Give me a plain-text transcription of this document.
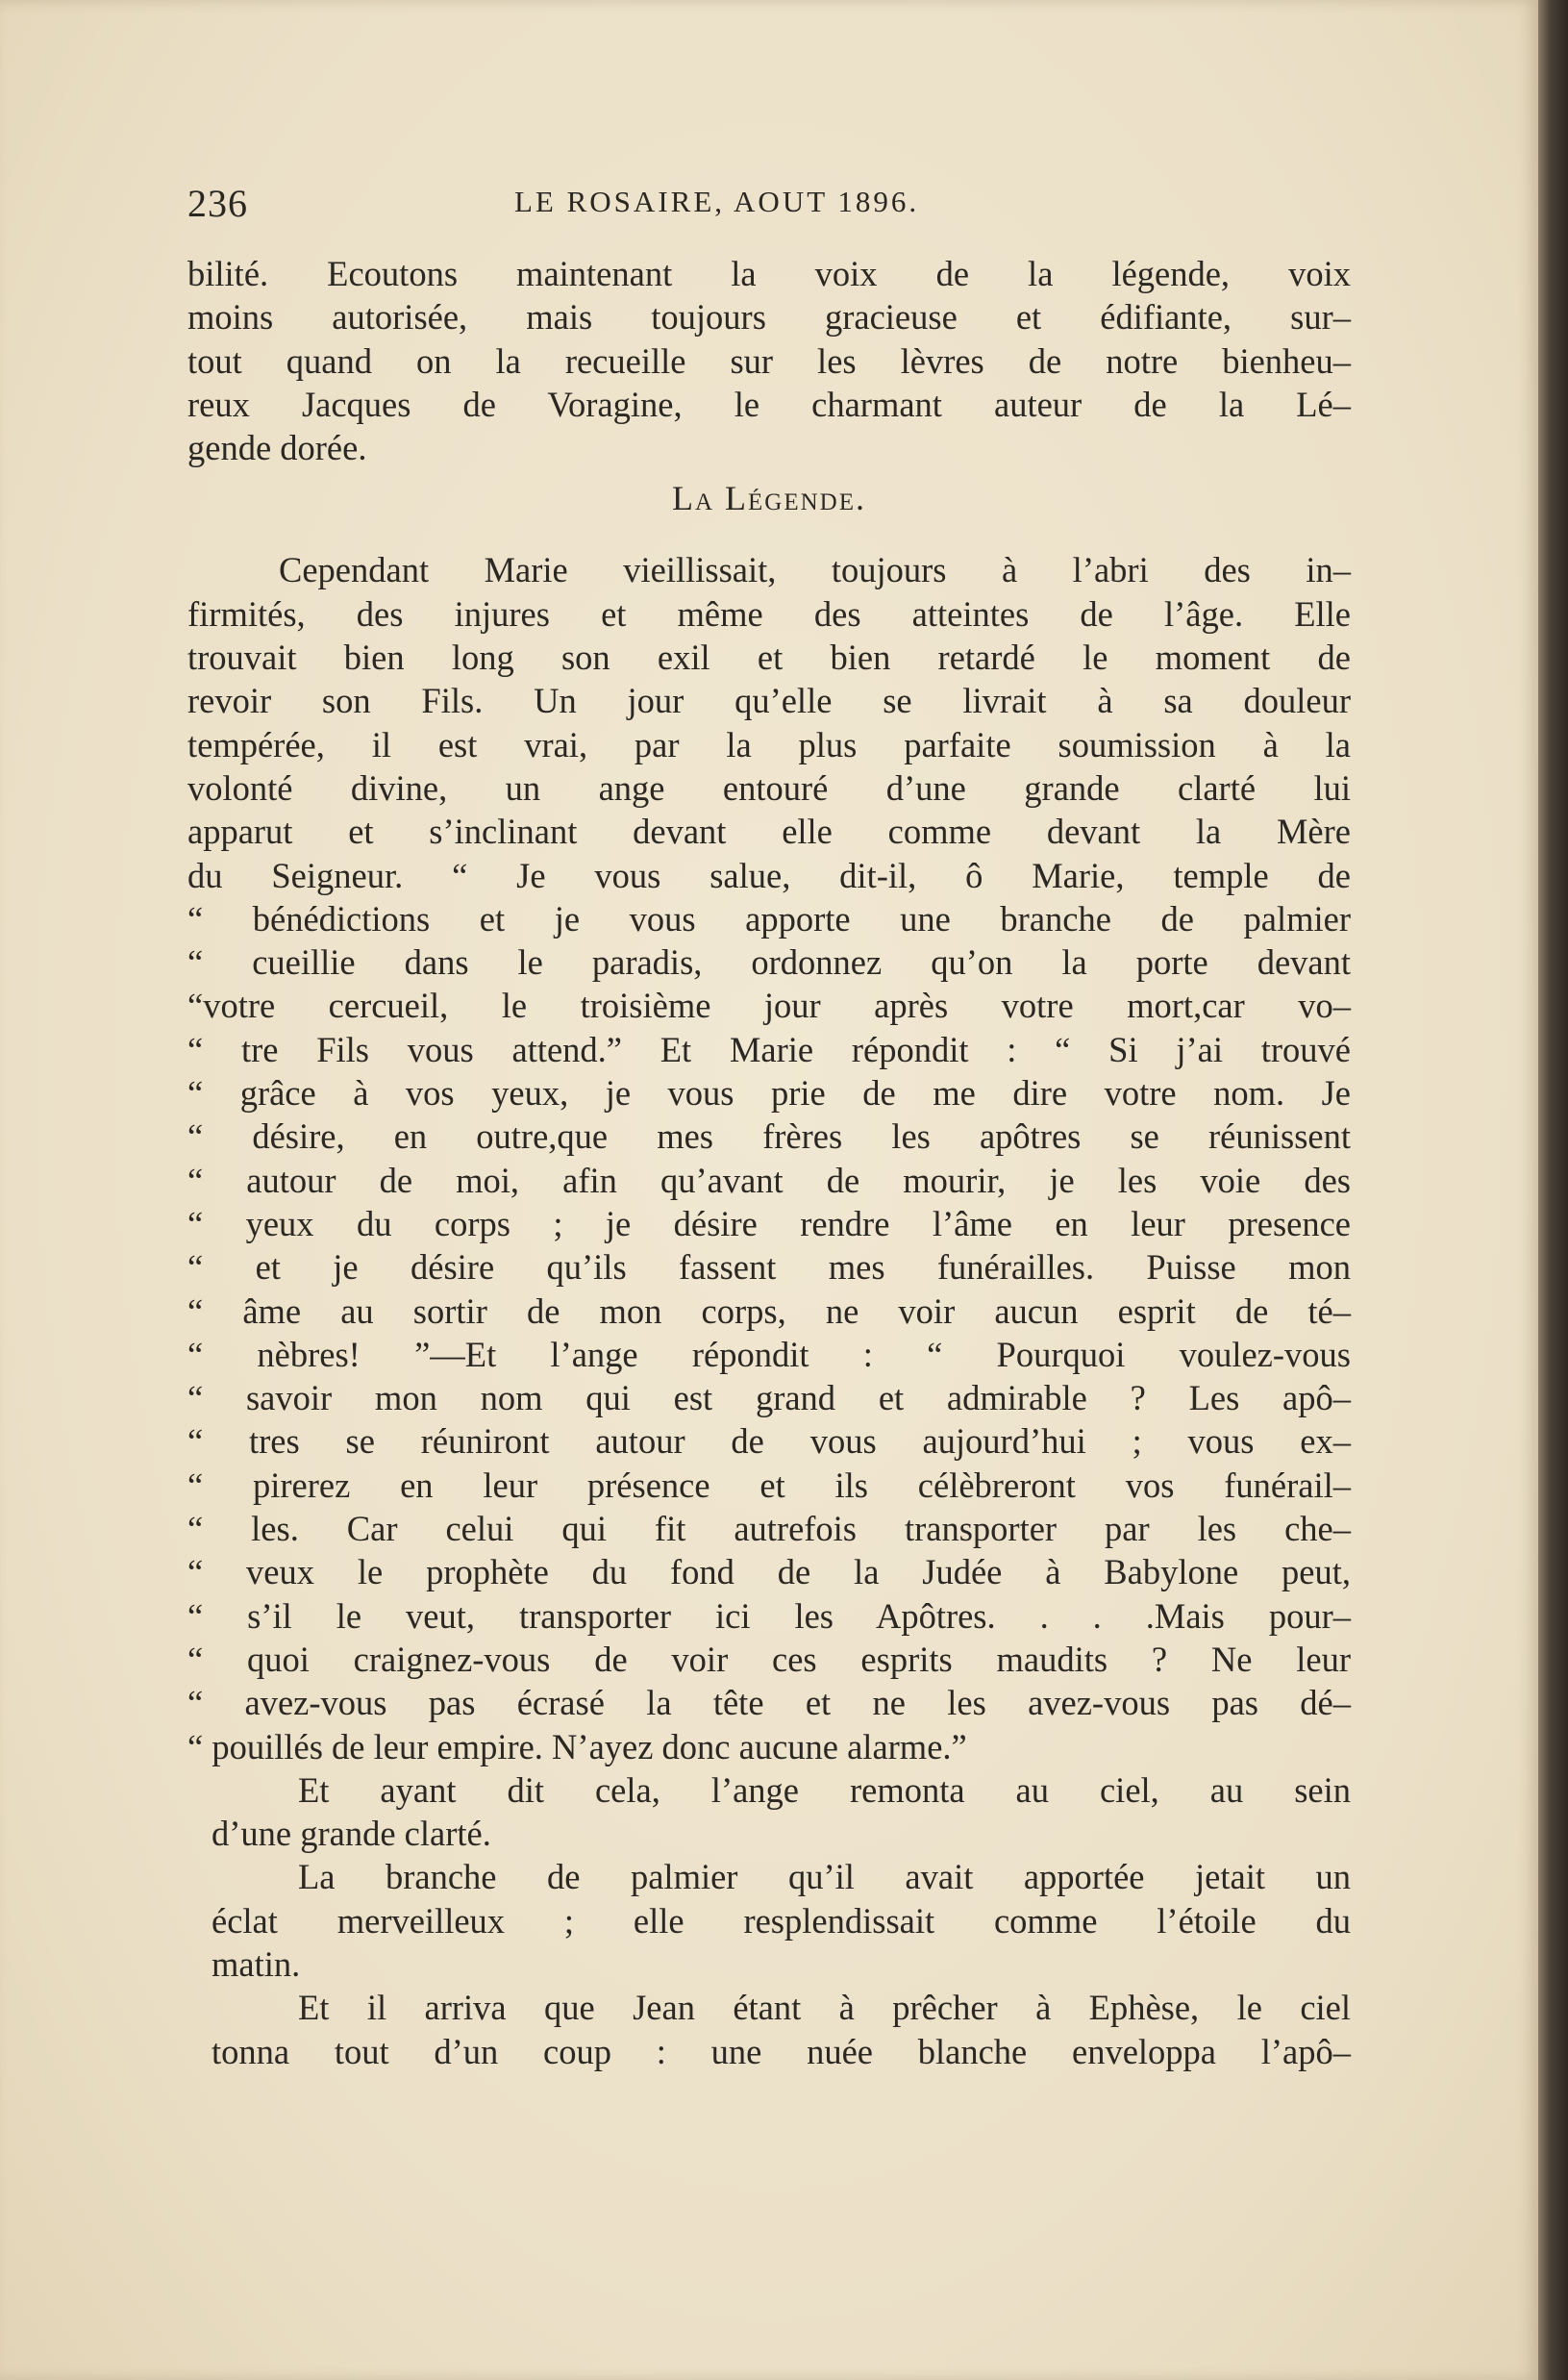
236	LE ROSAIRE, AOUT 1896.
bilité. Ecoutons maintenant la voix de la légende, voix
moins autorisée, mais toujours gracieuse et édifiante, sur–
tout quand on la recueille sur les lèvres de notre bienheu–
reux Jacques de Voragine, le charmant auteur de la Lé–
gende dorée.
La Légende.
Cependant Marie vieillissait, toujours à l’abri des in–
firmités, des injures et même des atteintes de l’âge. Elle
trouvait bien long son exil et bien retardé le moment de
revoir son Fils. Un jour qu’elle se livrait à sa douleur
tempérée, il est vrai, par la plus parfaite soumission à la
volonté divine, un ange entouré d’une grande clarté lui
apparut et s’inclinant devant elle comme devant la Mère
du Seigneur. “ Je vous salue, dit-il, ô Marie, temple de
“ bénédictions et je vous apporte une branche de palmier
“ cueillie dans le paradis, ordonnez qu’on la porte devant
“votre cercueil, le troisième jour après votre mort,car vo–
“ tre Fils vous attend.” Et Marie répondit : “ Si j’ai trouvé
“ grâce à vos yeux, je vous prie de me dire votre nom. Je
“ désire, en outre,que mes frères les apôtres se réunissent
“ autour de moi, afin qu’avant de mourir, je les voie des
“ yeux du corps ; je désire rendre l’âme en leur presence
“ et je désire qu’ils fassent mes funérailles. Puisse mon
“ âme au sortir de mon corps, ne voir aucun esprit de té–
“ nèbres! ”—Et l’ange répondit : “ Pourquoi voulez-vous
“ savoir mon nom qui est grand et admirable ? Les apô–
“ tres se réuniront autour de vous aujourd’hui ; vous ex–
“ pirerez en leur présence et ils célèbreront vos funérail–
“ les. Car celui qui fit autrefois transporter par les che–
“ veux le prophète du fond de la Judée à Babylone peut,
“ s’il le veut, transporter ici les Apôtres. . . .Mais pour–
“ quoi craignez-vous de voir ces esprits maudits ? Ne leur
“ avez-vous pas écrasé la tête et ne les avez-vous pas dé–
“ pouillés de leur empire. N’ayez donc aucune alarme.”
Et ayant dit cela, l’ange remonta au ciel, au sein
d’une grande clarté.
La branche de palmier qu’il avait apportée jetait un
éclat merveilleux ; elle resplendissait comme l’étoile du
matin.
Et il arriva que Jean étant à prêcher à Ephèse, le ciel
tonna tout d’un coup : une nuée blanche enveloppa l’apô–
